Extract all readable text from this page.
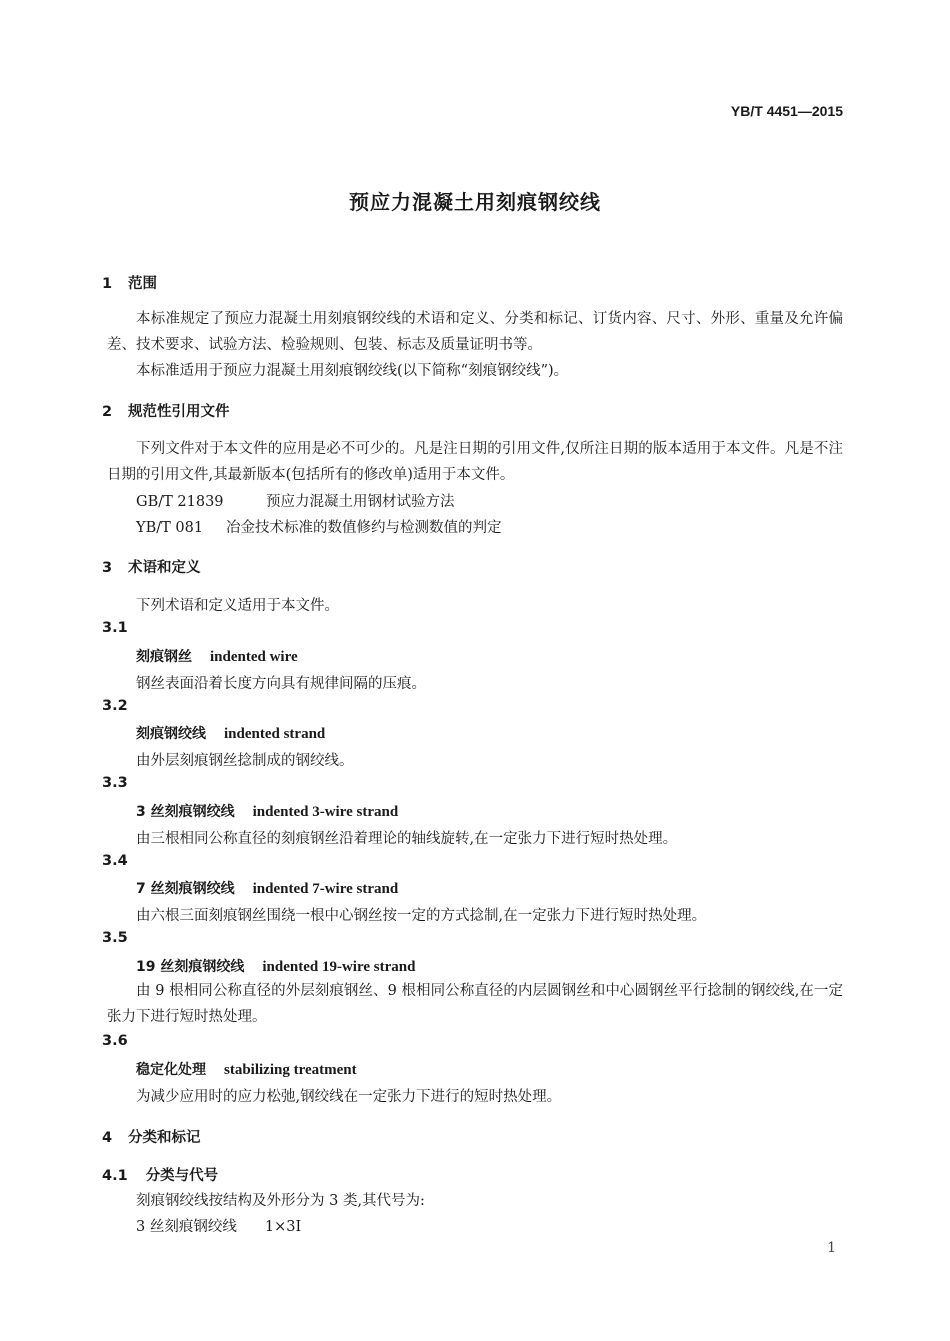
YB/T 4451—2015
预应力混凝土用刻痕钢绞线
1 范围
本标准规定了预应力混凝土用刻痕钢绞线的术语和定义、分类和标记、订货内容、尺寸、外形、重量及允许偏差、技术要求、试验方法、检验规则、包装、标志及质量证明书等。
本标准适用于预应力混凝土用刻痕钢绞线(以下简称“刻痕钢绞线”)。
2 规范性引用文件
下列文件对于本文件的应用是必不可少的。凡是注日期的引用文件,仅所注日期的版本适用于本文件。凡是不注日期的引用文件,其最新版本(包括所有的修改单)适用于本文件。
GB/T 21839	预应力混凝土用钢材试验方法
YB/T 081 冶金技术标准的数值修约与检测数值的判定
3 术语和定义
下列术语和定义适用于本文件。
3.1
刻痕钢丝 indented wire
钢丝表面沿着长度方向具有规律间隔的压痕。
3.2
刻痕钢绞线 indented strand
由外层刻痕钢丝捻制成的钢绞线。
3.3
3 丝刻痕钢绞线 indented 3-wire strand
由三根相同公称直径的刻痕钢丝沿着理论的轴线旋转,在一定张力下进行短时热处理。
3.4
7 丝刻痕钢绞线 indented 7-wire strand
由六根三面刻痕钢丝围绕一根中心钢丝按一定的方式捻制,在一定张力下进行短时热处理。
3.5
19 丝刻痕钢绞线 indented 19-wire strand
由 9 根相同公称直径的外层刻痕钢丝、9 根相同公称直径的内层圆钢丝和中心圆钢丝平行捻制的钢绞线,在一定张力下进行短时热处理。
3.6
稳定化处理 stabilizing treatment
为减少应用时的应力松弛,钢绞线在一定张力下进行的短时热处理。
4 分类和标记
4.1 分类与代号
刻痕钢绞线按结构及外形分为 3 类,其代号为:
3 丝刻痕钢绞线 1×3I
1
